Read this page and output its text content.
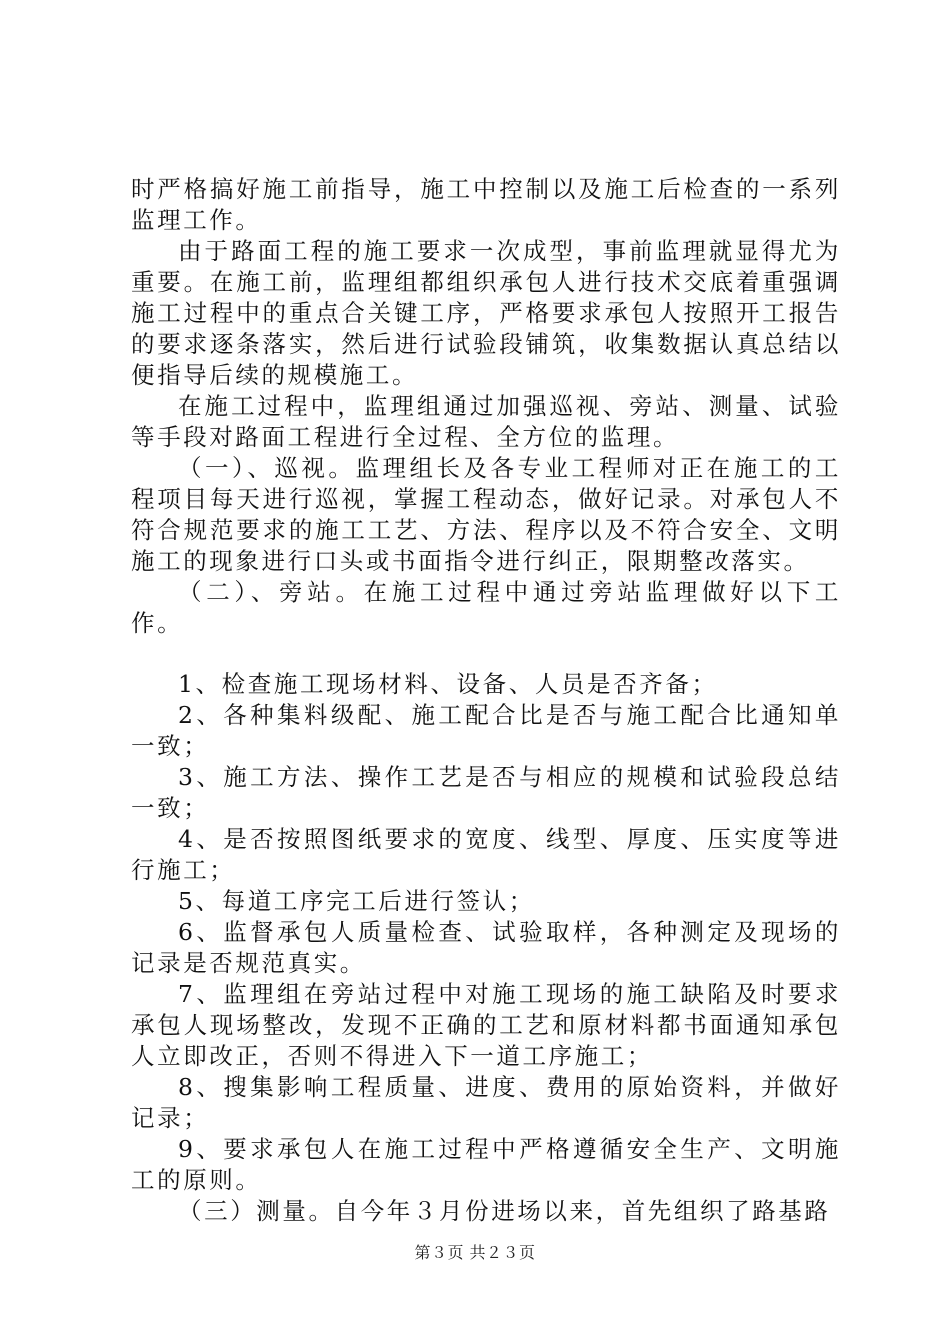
时严格搞好施工前指导，施工中控制以及施工后检查的一系列监理工作。

由于路面工程的施工要求一次成型，事前监理就显得尤为重要。在施工前，监理组都组织承包人进行技术交底着重强调施工过程中的重点合关键工序，严格要求承包人按照开工报告的要求逐条落实，然后进行试验段铺筑，收集数据认真总结以便指导后续的规模施工。

在施工过程中，监理组通过加强巡视、旁站、测量、试验等手段对路面工程进行全过程、全方位的监理。

（一）、巡视。监理组长及各专业工程师对正在施工的工程项目每天进行巡视，掌握工程动态，做好记录。对承包人不符合规范要求的施工工艺、方法、程序以及不符合安全、文明施工的现象进行口头或书面指令进行纠正，限期整改落实。

（二）、旁站。在施工过程中通过旁站监理做好以下工作。

1、检查施工现场材料、设备、人员是否齐备；

2、各种集料级配、施工配合比是否与施工配合比通知单一致；

3、施工方法、操作工艺是否与相应的规模和试验段总结一致；

4、是否按照图纸要求的宽度、线型、厚度、压实度等进行施工；

5、每道工序完工后进行签认；

6、监督承包人质量检查、试验取样，各种测定及现场的记录是否规范真实。

7、监理组在旁站过程中对施工现场的施工缺陷及时要求承包人现场整改，发现不正确的工艺和原材料都书面通知承包人立即改正，否则不得进入下一道工序施工；

8、搜集影响工程质量、进度、费用的原始资料，并做好记录；

9、要求承包人在施工过程中严格遵循安全生产、文明施工的原则。

（三）测量。自今年３月份进场以来，首先组织了路基路

第３页 共２３页
